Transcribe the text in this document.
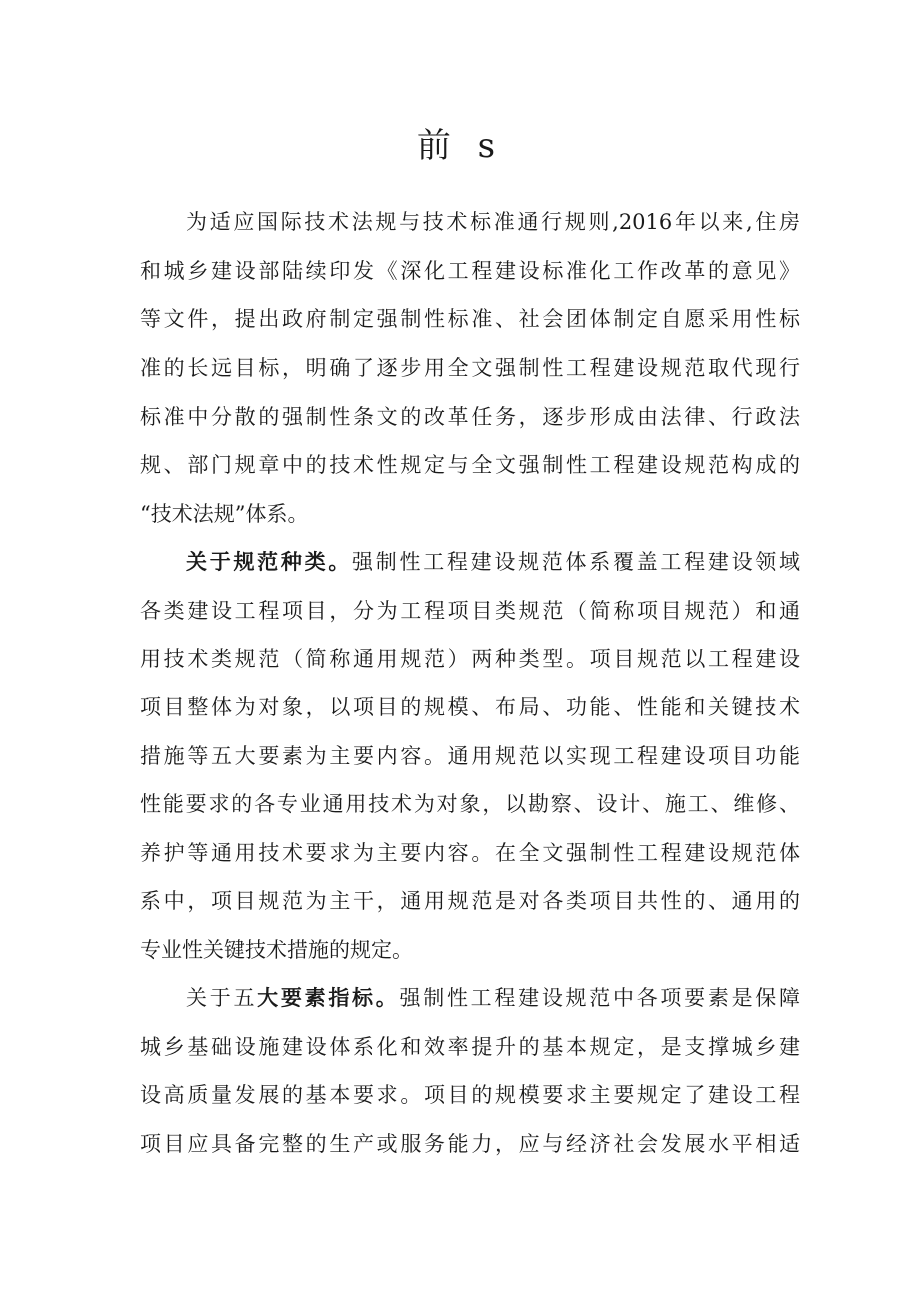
前 s

为适应国际技术法规与技术标准通行规则,2016年以来,住房

和城乡建设部陆续印发《深化工程建设标准化工作改革的意见》

等文件，提出政府制定强制性标准、社会团体制定自愿采用性标

准的长远目标，明确了逐步用全文强制性工程建设规范取代现行

标准中分散的强制性条文的改革任务，逐步形成由法律、行政法

规、部门规章中的技术性规定与全文强制性工程建设规范构成的

“技术法规”体系。

关于规范种类。强制性工程建设规范体系覆盖工程建设领域

各类建设工程项目，分为工程项目类规范（简称项目规范）和通

用技术类规范（简称通用规范）两种类型。项目规范以工程建设

项目整体为对象，以项目的规模、布局、功能、性能和关键技术

措施等五大要素为主要内容。通用规范以实现工程建设项目功能

性能要求的各专业通用技术为对象，以勘察、设计、施工、维修、

养护等通用技术要求为主要内容。在全文强制性工程建设规范体

系中，项目规范为主干，通用规范是对各类项目共性的、通用的

专业性关键技术措施的规定。

关于五大要素指标。强制性工程建设规范中各项要素是保障

城乡基础设施建设体系化和效率提升的基本规定，是支撑城乡建

设高质量发展的基本要求。项目的规模要求主要规定了建设工程

项目应具备完整的生产或服务能力，应与经济社会发展水平相适
